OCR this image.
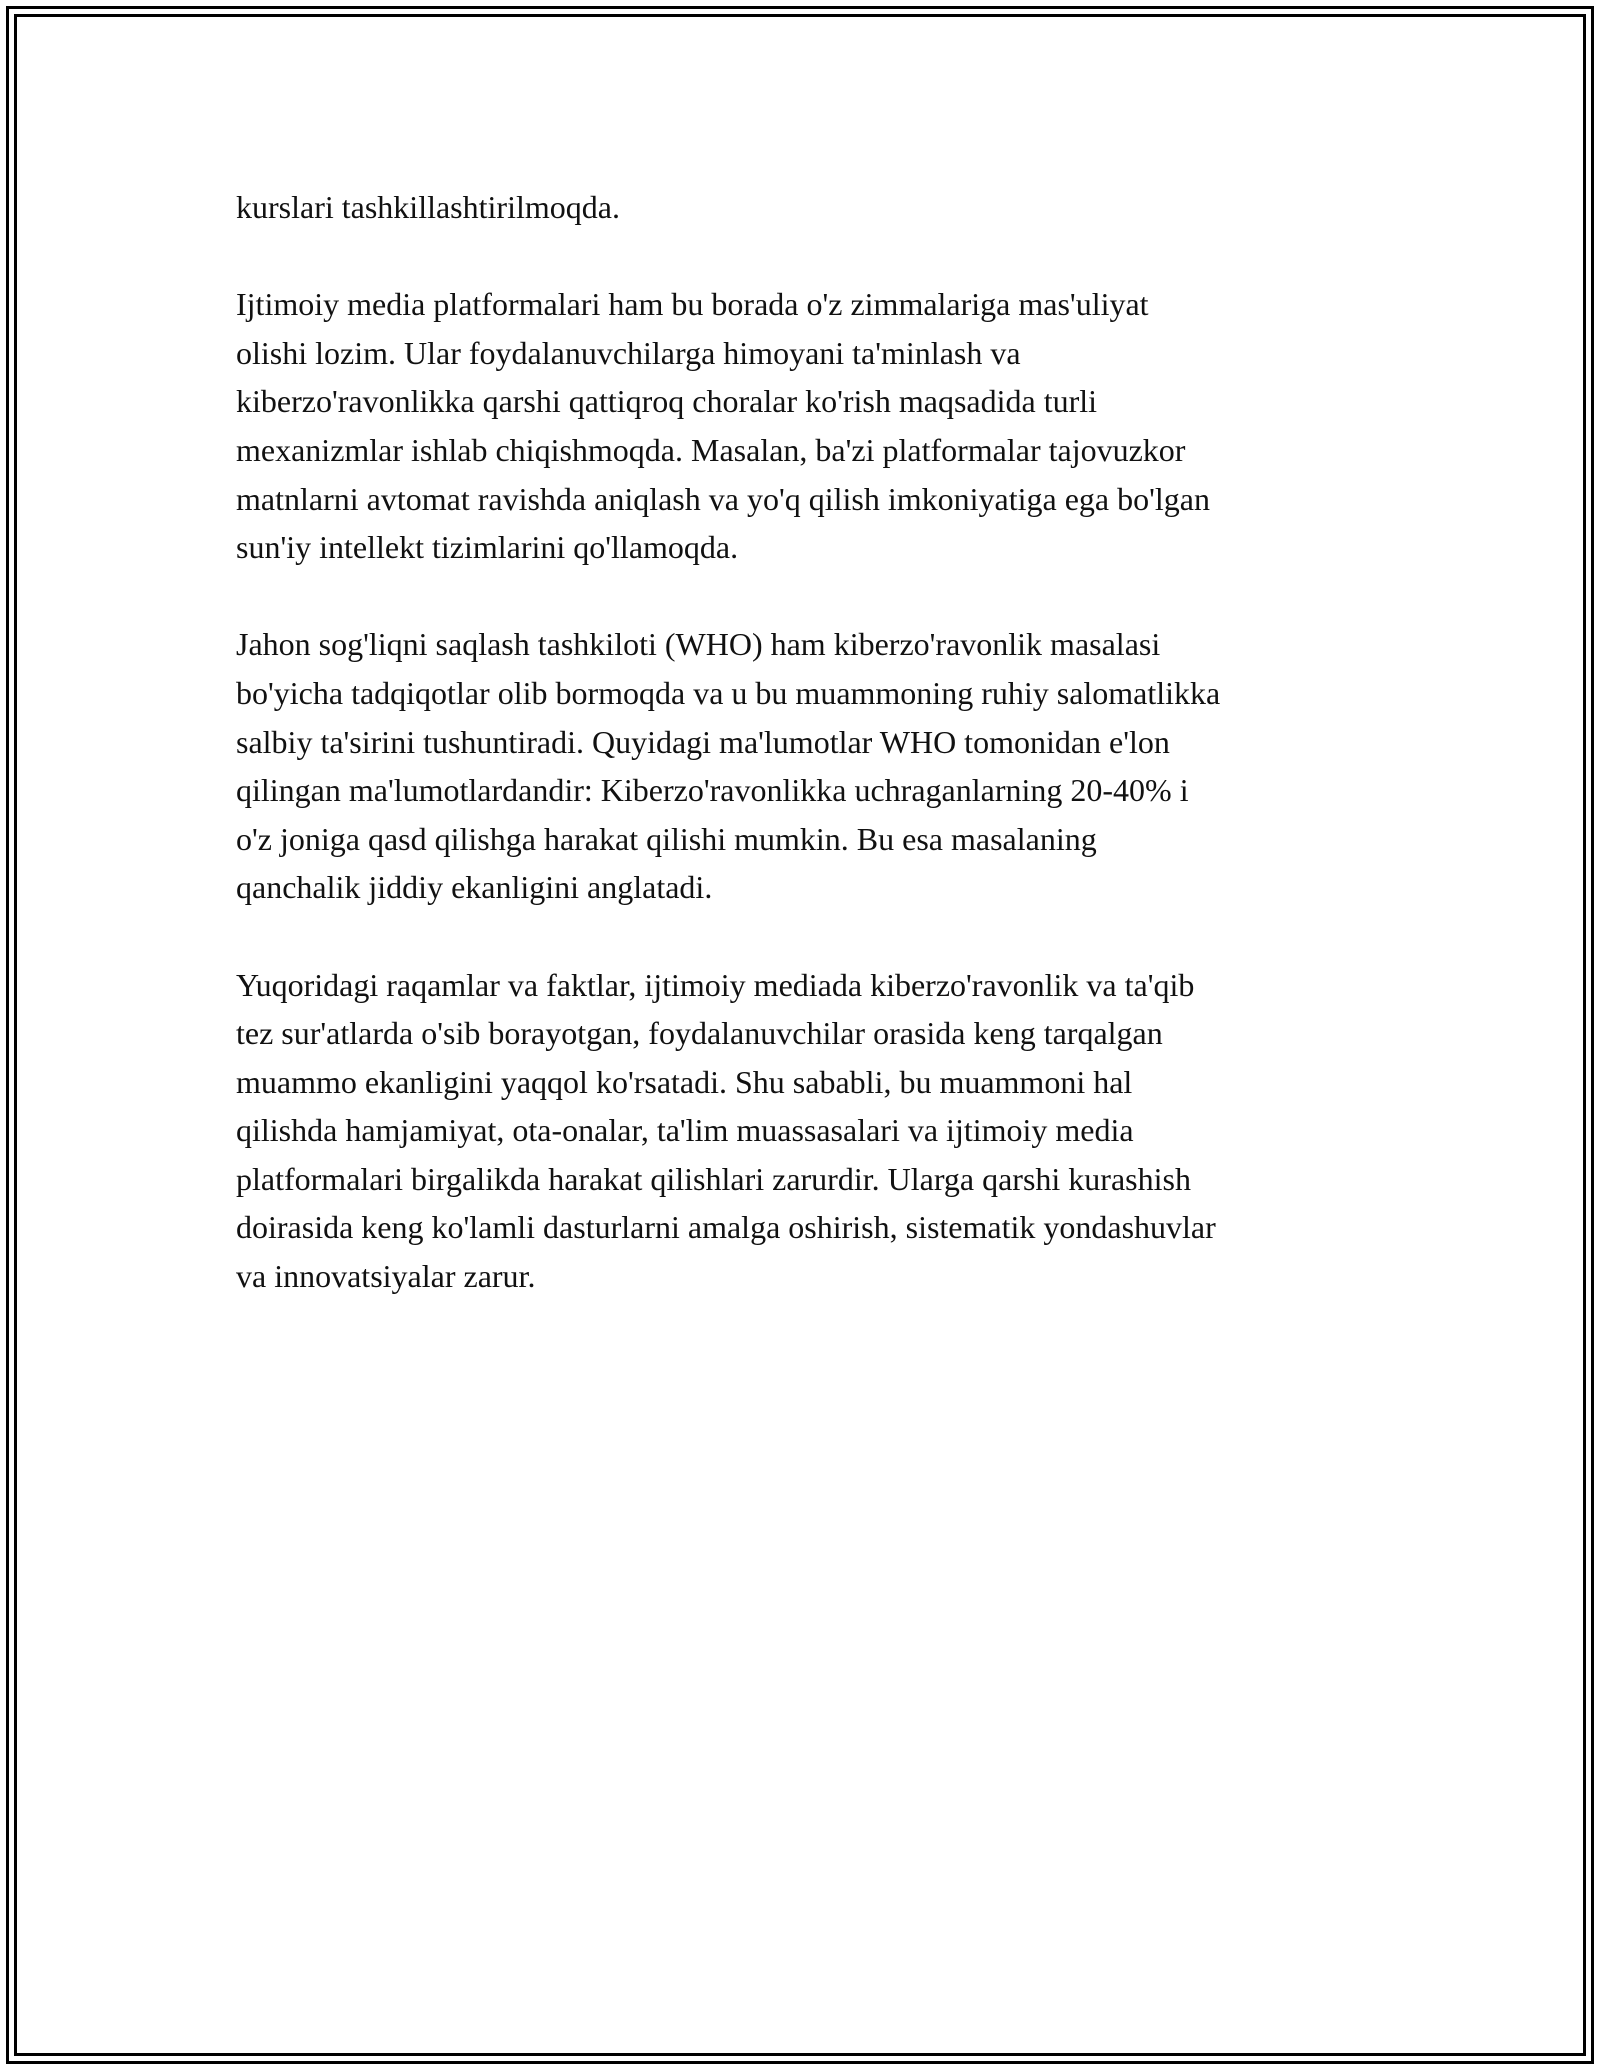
kurslari tashkillashtirilmoqda.

Ijtimoiy media platformalari ham bu borada o'z zimmalariga mas'uliyat
olishi lozim. Ular foydalanuvchilarga himoyani ta'minlash va
kiberzo'ravonlikka qarshi qattiqroq choralar ko'rish maqsadida turli
mexanizmlar ishlab chiqishmoqda. Masalan, ba'zi platformalar tajovuzkor
matnlarni avtomat ravishda aniqlash va yo'q qilish imkoniyatiga ega bo'lgan
sun'iy intellekt tizimlarini qo'llamoqda.

Jahon sog'liqni saqlash tashkiloti (WHO) ham kiberzo'ravonlik masalasi
bo'yicha tadqiqotlar olib bormoqda va u bu muammoning ruhiy salomatlikka
salbiy ta'sirini tushuntiradi. Quyidagi ma'lumotlar WHO tomonidan e'lon
qilingan ma'lumotlardandir: Kiberzo'ravonlikka uchraganlarning 20-40% i
o'z joniga qasd qilishga harakat qilishi mumkin. Bu esa masalaning
qanchalik jiddiy ekanligini anglatadi.

Yuqoridagi raqamlar va faktlar, ijtimoiy mediada kiberzo'ravonlik va ta'qib
tez sur'atlarda o'sib borayotgan, foydalanuvchilar orasida keng tarqalgan
muammo ekanligini yaqqol ko'rsatadi. Shu sababli, bu muammoni hal
qilishda hamjamiyat, ota-onalar, ta'lim muassasalari va ijtimoiy media
platformalari birgalikda harakat qilishlari zarurdir. Ularga qarshi kurashish
doirasida keng ko'lamli dasturlarni amalga oshirish, sistematik yondashuvlar
va innovatsiyalar zarur.
